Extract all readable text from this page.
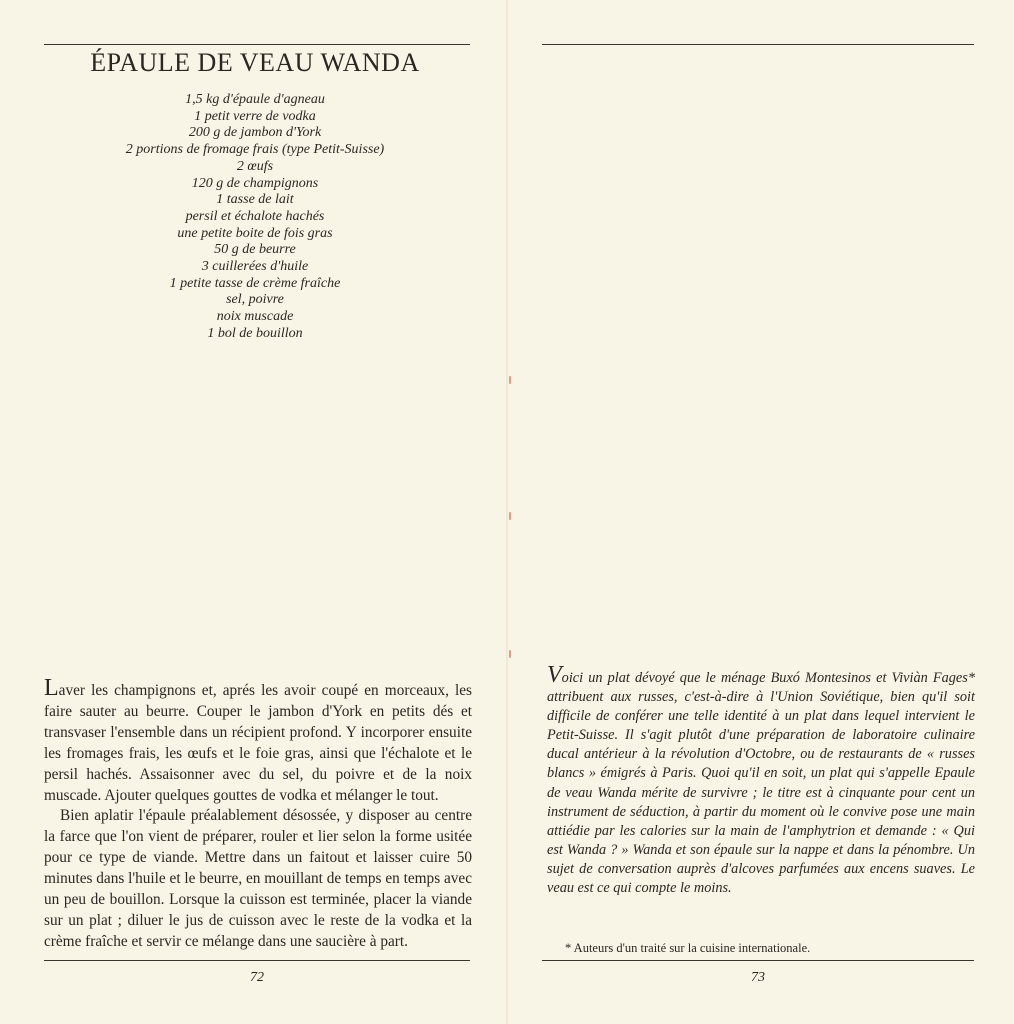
ÉPAULE DE VEAU WANDA
1,5 kg d'épaule d'agneau
1 petit verre de vodka
200 g de jambon d'York
2 portions de fromage frais (type Petit-Suisse)
2 œufs
120 g de champignons
1 tasse de lait
persil et échalote hachés
une petite boite de fois gras
50 g de beurre
3 cuillerées d'huile
1 petite tasse de crème fraîche
sel, poivre
noix muscade
1 bol de bouillon

Laver les champignons et, aprés les avoir coupé en morceaux, les faire sauter au beurre. Couper le jambon d'York en petits dés et transvaser l'ensemble dans un récipient profond. Y incorporer ensuite les fromages frais, les œufs et le foie gras, ainsi que l'échalote et le persil hachés. Assaisonner avec du sel, du poivre et de la noix muscade. Ajouter quelques gouttes de vodka et mélanger le tout.

Bien aplatir l'épaule préalablement désossée, y disposer au centre la farce que l'on vient de préparer, rouler et lier selon la forme usitée pour ce type de viande. Mettre dans un faitout et laisser cuire 50 minutes dans l'huile et le beurre, en mouillant de temps en temps avec un peu de bouillon. Lorsque la cuisson est terminée, placer la viande sur un plat ; diluer le jus de cuisson avec le reste de la vodka et la crème fraîche et servir ce mélange dans une saucière à part.

72

Voici un plat dévoyé que le ménage Buxó Montesinos et Viviàn Fages* attribuent aux russes, c'est-à-dire à l'Union Soviétique, bien qu'il soit difficile de conférer une telle identité à un plat dans lequel intervient le Petit-Suisse. Il s'agit plutôt d'une préparation de laboratoire culinaire ducal antérieur à la révolution d'Octobre, ou de restaurants de « russes blancs » émigrés à Paris. Quoi qu'il en soit, un plat qui s'appelle Epaule de veau Wanda mérite de survivre ; le titre est à cinquante pour cent un instrument de séduction, à partir du moment où le convive pose une main attiédie par les calories sur la main de l'amphytrion et demande : « Qui est Wanda ? » Wanda et son épaule sur la nappe et dans la pénombre. Un sujet de conversation auprès d'alcoves parfumées aux encens suaves. Le veau est ce qui compte le moins.

* Auteurs d'un traité sur la cuisine internationale.
73
